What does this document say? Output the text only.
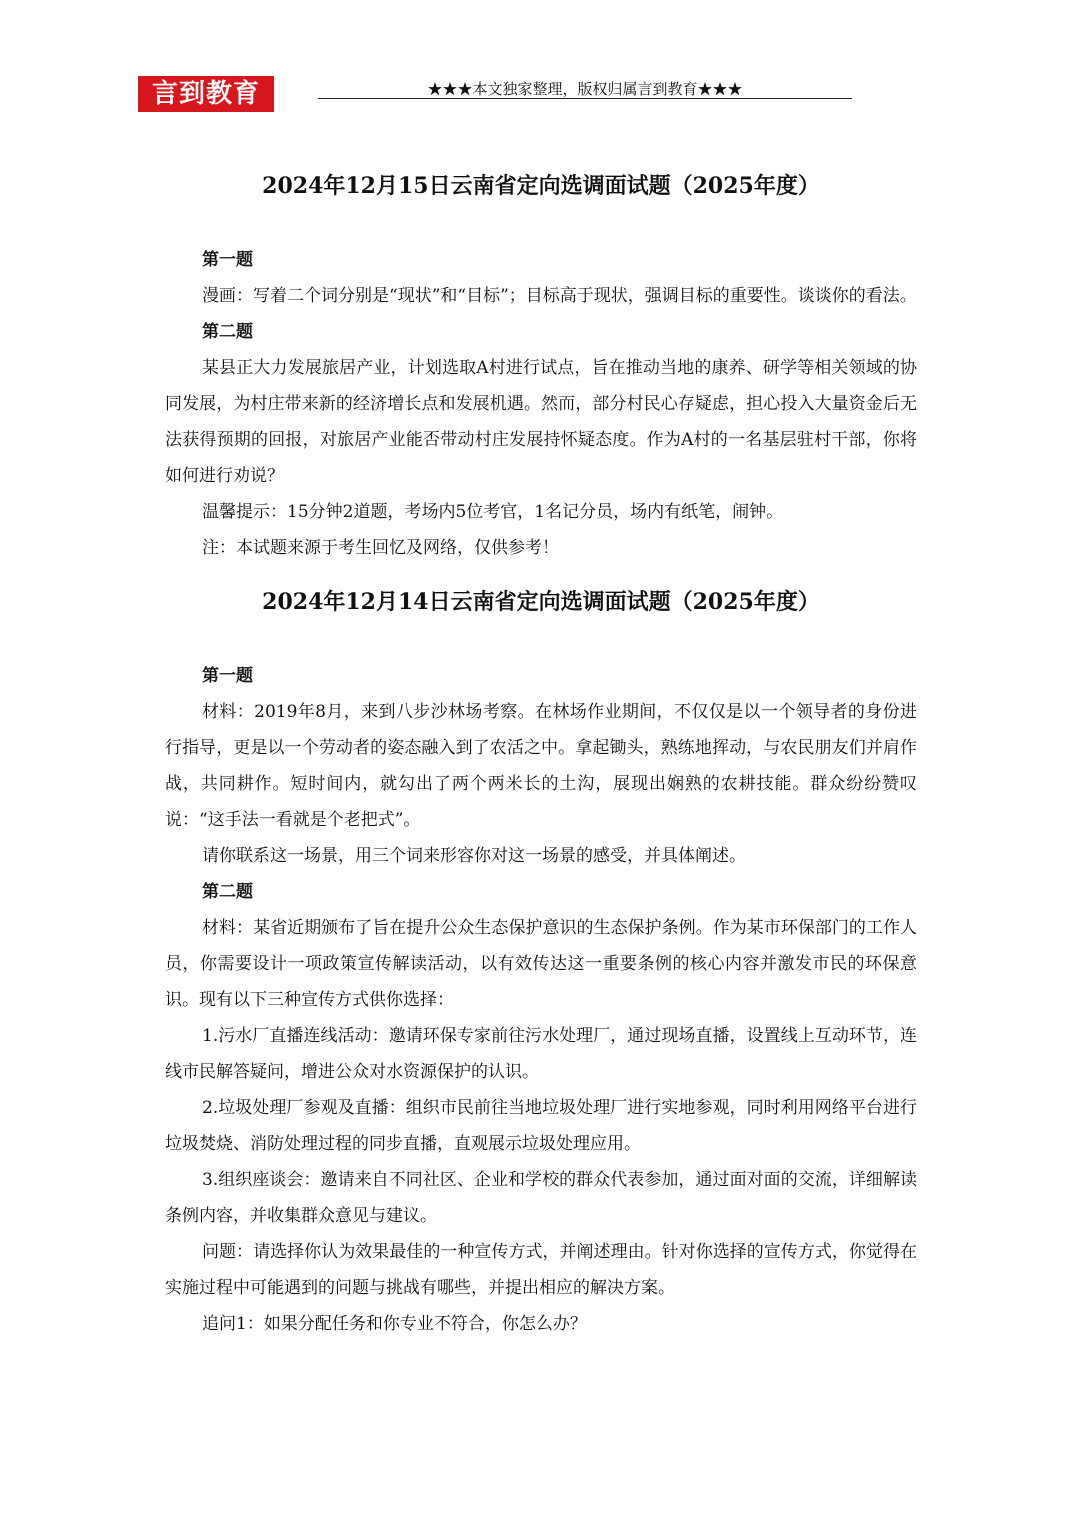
言到教育	★★★本文独家整理，版权归属言到教育★★★
2024年12月15日云南省定向选调面试题（2025年度）

第一题

漫画：写着二个词分别是“现状”和“目标”；目标高于现状，强调目标的重要性。谈谈你的看法。

第二题

某县正大力发展旅居产业，计划选取A村进行试点，旨在推动当地的康养、研学等相关领域的协同发展，为村庄带来新的经济增长点和发展机遇。然而，部分村民心存疑虑，担心投入大量资金后无法获得预期的回报，对旅居产业能否带动村庄发展持怀疑态度。作为A村的一名基层驻村干部，你将如何进行劝说？

温馨提示：15分钟2道题，考场内5位考官，1名记分员，场内有纸笔，闹钟。

注：本试题来源于考生回忆及网络，仅供参考！

2024年12月14日云南省定向选调面试题（2025年度）

第一题

材料：2019年8月，来到八步沙林场考察。在林场作业期间，不仅仅是以一个领导者的身份进行指导，更是以一个劳动者的姿态融入到了农活之中。拿起锄头，熟练地挥动，与农民朋友们并肩作战，共同耕作。短时间内，就勾出了两个两米长的土沟，展现出娴熟的农耕技能。群众纷纷赞叹说：“这手法一看就是个老把式”。

请你联系这一场景，用三个词来形容你对这一场景的感受，并具体阐述。

第二题

材料：某省近期颁布了旨在提升公众生态保护意识的生态保护条例。作为某市环保部门的工作人员，你需要设计一项政策宣传解读活动，以有效传达这一重要条例的核心内容并激发市民的环保意识。现有以下三种宣传方式供你选择：

1.污水厂直播连线活动：邀请环保专家前往污水处理厂，通过现场直播，设置线上互动环节，连线市民解答疑问，增进公众对水资源保护的认识。

2.垃圾处理厂参观及直播：组织市民前往当地垃圾处理厂进行实地参观，同时利用网络平台进行垃圾焚烧、消防处理过程的同步直播，直观展示垃圾处理应用。

3.组织座谈会：邀请来自不同社区、企业和学校的群众代表参加，通过面对面的交流，详细解读条例内容，并收集群众意见与建议。

问题：请选择你认为效果最佳的一种宣传方式，并阐述理由。针对你选择的宣传方式，你觉得在实施过程中可能遇到的问题与挑战有哪些，并提出相应的解决方案。

追问1：如果分配任务和你专业不符合，你怎么办？
